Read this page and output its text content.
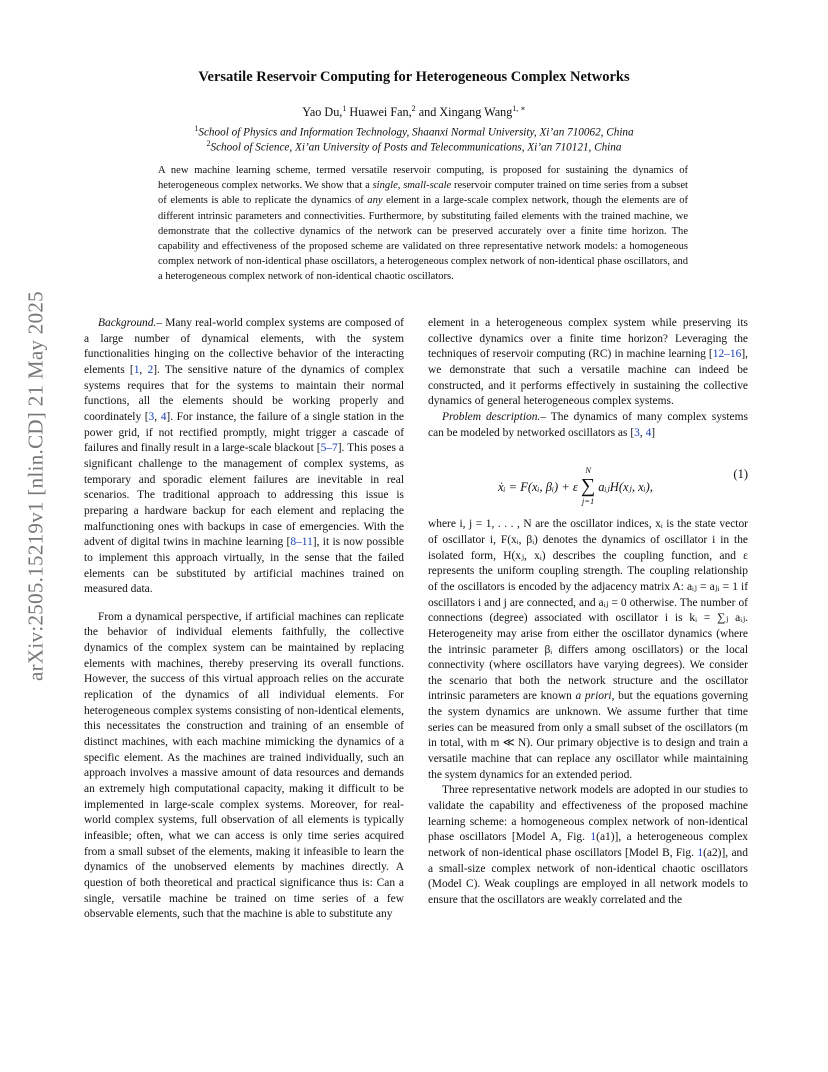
arXiv:2505.15219v1 [nlin.CD] 21 May 2025
Versatile Reservoir Computing for Heterogeneous Complex Networks
Yao Du,$^1$ Huawei Fan,$^2$ and Xingang Wang$^{1, ∗}$
$^1$School of Physics and Information Technology, Shaanxi Normal University, Xi’an 710062, China
$^2$School of Science, Xi’an University of Posts and Telecommunications, Xi’an 710121, China
A new machine learning scheme, termed versatile reservoir computing, is proposed for sustaining the dynamics of heterogeneous complex networks. We show that a single, small-scale reservoir computer trained on time series from a subset of elements is able to replicate the dynamics of any element in a large-scale complex network, though the elements are of different intrinsic parameters and connectivities. Furthermore, by substituting failed elements with the trained machine, we demonstrate that the collective dynamics of the network can be preserved accurately over a finite time horizon. The capability and effectiveness of the proposed scheme are validated on three representative network models: a homogeneous complex network of non-identical phase oscillators, a heterogeneous complex network of non-identical phase oscillators, and a heterogeneous complex network of non-identical chaotic oscillators.

Background.– Many real-world complex systems are composed of a large number of dynamical elements, with the system functionalities hinging on the collective behavior of the interacting elements [1, 2]. The sensitive nature of the dynamics of complex systems requires that for the systems to maintain their normal functions, all the elements should be working properly and coordinately [3, 4]. For instance, the failure of a single station in the power grid, if not rectified promptly, might trigger a cascade of failures and finally result in a large-scale blackout [5–7]. This poses a significant challenge to the management of complex systems, as temporary and sporadic element failures are inevitable in real scenarios. The traditional approach to addressing this issue is preparing a hardware backup for each element and replacing the malfunctioning ones with backups in case of emergencies. With the advent of digital twins in machine learning [8–11], it is now possible to implement this approach virtually, in the sense that the failed elements can be substituted by artificial machines trained on measured data.

From a dynamical perspective, if artificial machines can replicate the behavior of individual elements faithfully, the collective dynamics of the complex system can be maintained by replacing elements with machines, thereby preserving its overall functions. However, the success of this virtual approach relies on the accurate replication of the dynamics of all individual elements. For heterogeneous complex systems consisting of non-identical elements, this necessitates the construction and training of an ensemble of distinct machines, with each machine mimicking the dynamics of a specific element. As the machines are trained individually, such an approach involves a massive amount of data resources and demands an extremely high computational capacity, making it difficult to be implemented in large-scale complex systems. Moreover, for real-world complex systems, full observation of all elements is typically infeasible; often, what we can access is only time series acquired from a small subset of the elements, making it infeasible to learn the dynamics of the unobserved elements by machines directly. A question of both theoretical and practical significance thus is: Can a single, versatile machine be trained on time series of a few observable elements, such that the machine is able to substitute any

element in a heterogeneous complex system while preserving its collective dynamics over a finite time horizon? Leveraging the techniques of reservoir computing (RC) in machine learning [12–16], we demonstrate that such a versatile machine can indeed be constructed, and it performs effectively in sustaining the collective dynamics of general heterogeneous complex systems.

Problem description.– The dynamics of many complex systems can be modeled by networked oscillators as [3, 4]

ẋᵢ = F(xᵢ, βᵢ) + ε
N
∑
j=1
aᵢⱼH(xⱼ, xᵢ),
(1)

where i, j = 1, . . . , N are the oscillator indices, xᵢ is the state vector of oscillator i, F(xᵢ, βᵢ) denotes the dynamics of oscillator i in the isolated form, H(xⱼ, xᵢ) describes the coupling function, and ε represents the uniform coupling strength. The coupling relationship of the oscillators is encoded by the adjacency matrix A: aᵢⱼ = aⱼᵢ = 1 if oscillators i and j are connected, and aᵢⱼ = 0 otherwise. The number of connections (degree) associated with oscillator i is kᵢ = ∑ⱼ aᵢⱼ. Heterogeneity may arise from either the oscillator dynamics (where the intrinsic parameter βᵢ differs among oscillators) or the local connectivity (where oscillators have varying degrees). We consider the scenario that both the network structure and the oscillator intrinsic parameters are known a priori, but the equations governing the system dynamics are unknown. We assume further that time series can be measured from only a small subset of the oscillators (m in total, with m ≪ N). Our primary objective is to design and train a versatile machine that can replace any oscillator while maintaining the system dynamics for an extended period.

Three representative network models are adopted in our studies to validate the capability and effectiveness of the proposed machine learning scheme: a homogeneous complex network of non-identical phase oscillators [Model A, Fig. 1(a1)], a heterogeneous complex network of non-identical phase oscillators [Model B, Fig. 1(a2)], and a small-size complex network of non-identical chaotic oscillators (Model C). Weak couplings are employed in all network models to ensure that the oscillators are weakly correlated and the
